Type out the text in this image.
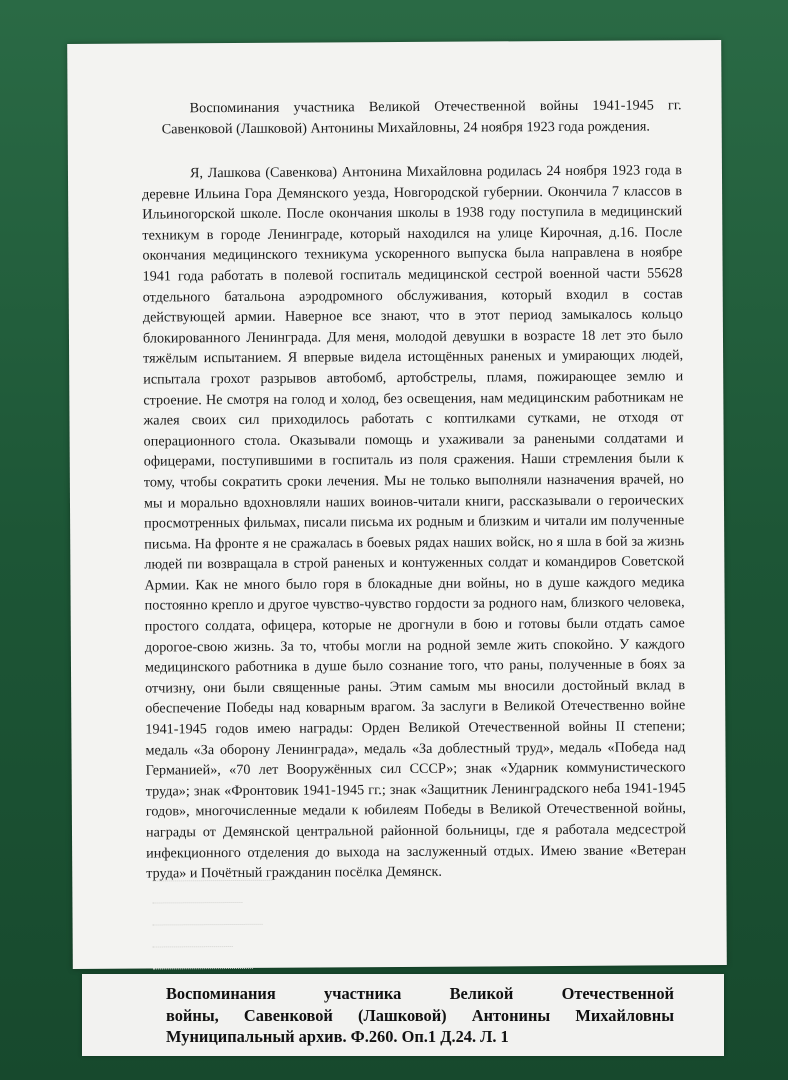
Воспоминания участника Великой Отечественной войны 1941-1945 гг. Савенковой (Лашковой) Антонины Михайловны, 24 ноября 1923 года рождения.
Я, Лашкова (Савенкова) Антонина Михайловна родилась 24 ноября 1923 года в деревне Ильина Гора Демянского уезда, Новгородской губернии. Окончила 7 классов в Ильиногорской школе. После окончания школы в 1938 году поступила в медицинский техникум в городе Ленинграде, который находился на улице Кирочная, д.16. После окончания медицинского техникума ускоренного выпуска была направлена в ноябре 1941 года работать в полевой госпиталь медицинской сестрой военной части 55628 отдельного батальона аэродромного обслуживания, который входил в состав действующей армии. Наверное все знают, что в этот период замыкалось кольцо блокированного Ленинграда. Для меня, молодой девушки в возрасте 18 лет это было тяжёлым испытанием. Я впервые видела истощённых раненых и умирающих людей, испытала грохот разрывов автобомб, артобстрелы, пламя, пожирающее землю и строение. Не смотря на голод и холод, без освещения, нам медицинским работникам не жалея своих сил приходилось работать с коптилками сутками, не отходя от операционного стола. Оказывали помощь и ухаживали за ранеными солдатами и офицерами, поступившими в госпиталь из поля сражения. Наши стремления были к тому, чтобы сократить сроки лечения. Мы не только выполняли назначения врачей, но мы и морально вдохновляли наших воинов-читали книги, рассказывали о героических просмотренных фильмах, писали письма их родным и близким и читали им полученные письма. На фронте я не сражалась в боевых рядах наших войск, но я шла в бой за жизнь людей пи возвращала в строй раненых и контуженных солдат и командиров Советской Армии. Как не много было горя в блокадные дни войны, но в душе каждого медика постоянно крепло и другое чувство-чувство гордости за родного нам, близкого человека, простого солдата, офицера, которые не дрогнули в бою и готовы были отдать самое дорогое-свою жизнь. За то, чтобы могли на родной земле жить спокойно. У каждого медицинского работника в душе было сознание того, что раны, полученные в боях за отчизну, они были священные раны. Этим самым мы вносили достойный вклад в обеспечение Победы над коварным врагом. За заслуги в Великой Отечественно войне 1941-1945 годов имею награды: Орден Великой Отечественной войны II степени; медаль «За оборону Ленинграда», медаль «За доблестный труд», медаль «Победа над Германией», «70 лет Вооружённых сил СССР»; знак «Ударник коммунистического труда»; знак «Фронтовик 1941-1945 гг.; знак «Защитник Ленинградского неба 1941-1945 годов», многочисленные медали к юбилеям Победы в Великой Отечественной войны, награды от Демянской центральной районной больницы, где я работала медсестрой инфекционного отделения до выхода на заслуженный отдых. Имею звание «Ветеран труда» и Почётный гражданин посёлка Демянск.
Воспоминания участника Великой Отечественной
войны, Савенковой (Лашковой) Антонины Михайловны
Муниципальный архив. Ф.260. Оп.1 Д.24. Л. 1
